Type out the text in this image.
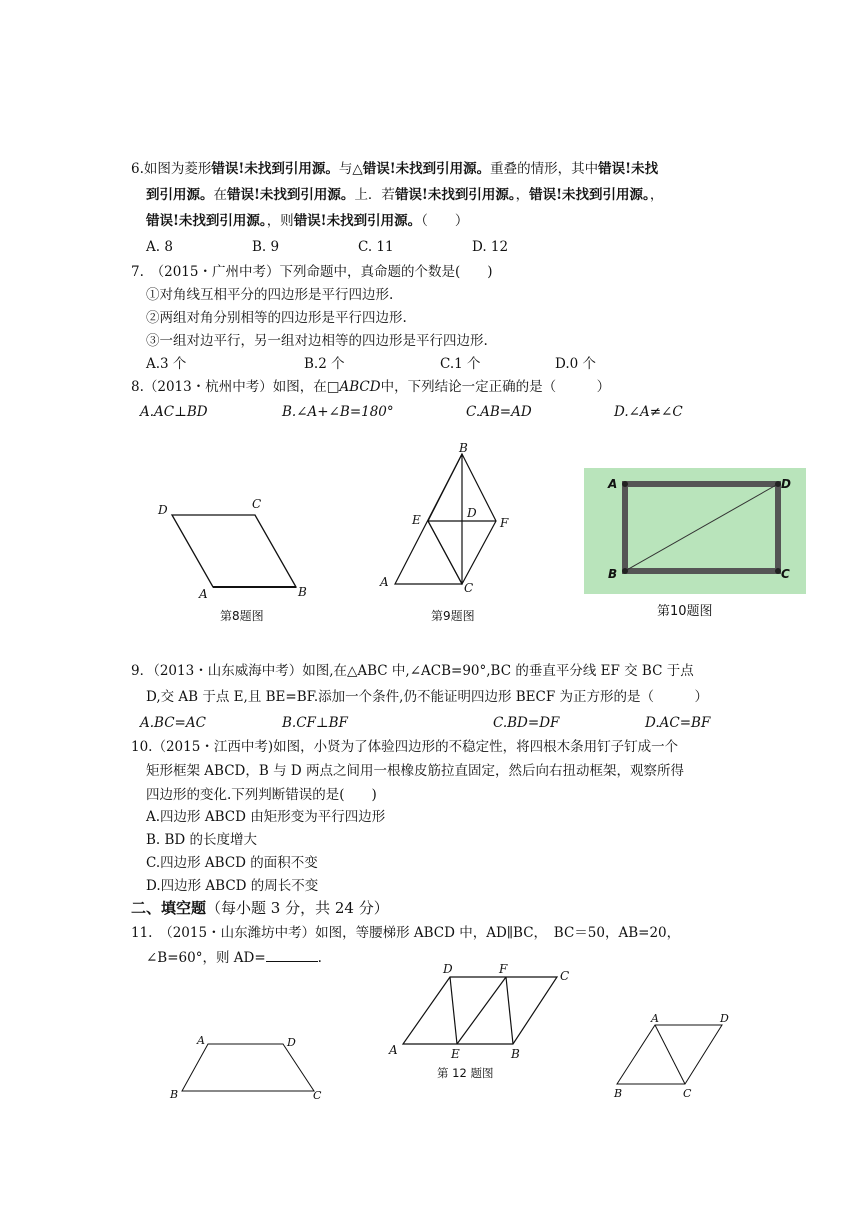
6.如图为菱形错误!未找到引用源。与△错误!未找到引用源。重叠的情形，其中错误!未找
到引用源。在错误!未找到引用源。上．若错误!未找到引用源。，错误!未找到引用源。，
错误!未找到引用源。，则错误!未找到引用源。（　　）
A. 8	B. 9	C. 11	D. 12
7.　（2015・广州中考）下列命题中，真命题的个数是(　　)
①对角线互相平分的四边形是平行四边形.
②两组对角分别相等的四边形是平行四边形.
③一组对边平行，另一组对边相等的四边形是平行四边形.
A.3 个	B.2 个	C.1 个	D.0 个
8.（2013・杭州中考）如图，在□ABCD中，下列结论一定正确的是（　　　）
A.AC⊥BD	B.∠A+∠B=180°	C.AB=AD	D.∠A≠∠C
D	C
A	B
第8题图
B
E	D
F
A	C
第9题图
A	D
B	C
第10题图
9．（2013・山东威海中考）如图,在△ABC 中,∠ACB=90°,BC 的垂直平分线 EF 交 BC 于点
D,交 AB 于点 E,且 BE=BF.添加一个条件,仍不能证明四边形 BECF 为正方形的是（　　　）
A.BC=AC	B.CF⊥BF	C.BD=DF	D.AC=BF
10.（2015・江西中考)如图，小贤为了体验四边形的不稳定性，将四根木条用钉子钉成一个
矩形框架 ABCD，B 与 D 两点之间用一根橡皮筋拉直固定，然后向右扭动框架，观察所得
四边形的变化.下列判断错误的是(　　)
A.四边形 ABCD 由矩形变为平行四边形
B. BD 的长度增大
C.四边形 ABCD 的面积不变
D.四边形 ABCD 的周长不变
二、填空题（每小题 3 分，共 24 分）
11.　（2015・山东潍坊中考）如图，等腰梯形 ABCD 中，AD∥BC，　BC＝50，AB=20，
∠B=60°，则 AD=	.
A	D
B	C
D	F	C
A	E	B
第 12 题图
A	D
B	C
